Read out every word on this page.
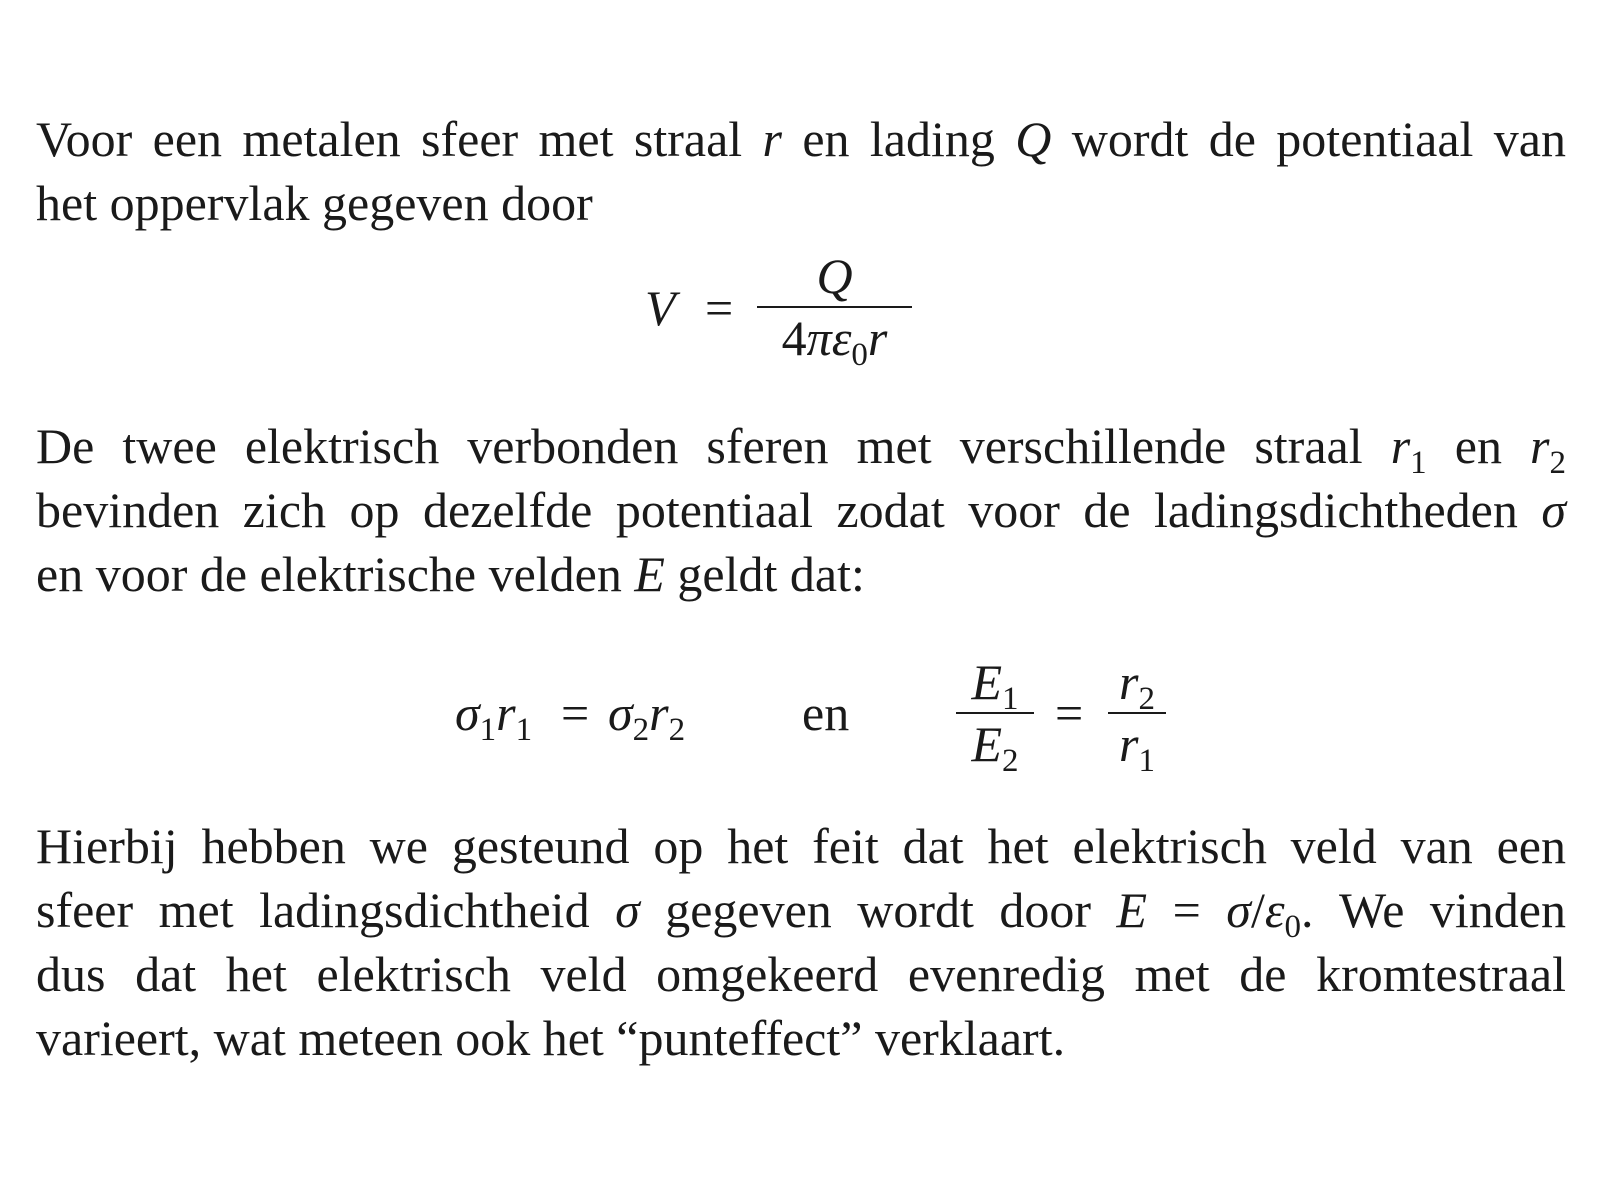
Voor een metalen sfeer met straal r en lading Q wordt de potentiaal van
het oppervlak gegeven door
V =
Q
$4\pi\varepsilon_0r$
De twee elektrisch verbonden sferen met verschillende straal $r_1$ en $r_2$
bevinden zich op dezelfde potentiaal zodat voor de ladingsdichtheden σ
en voor de elektrische velden E geldt dat:
$\sigma_1r_1 = \sigma_2r_2$ en
$E_1$
$E_2$
=
$r_2$
$r_1$
Hierbij hebben we gesteund op het feit dat het elektrisch veld van een
sfeer met ladingsdichtheid σ gegeven wordt door $E = \sigma/\varepsilon_0$. We vinden
dus dat het elektrisch veld omgekeerd evenredig met de kromtestraal
varieert, wat meteen ook het “punteffect” verklaart.
